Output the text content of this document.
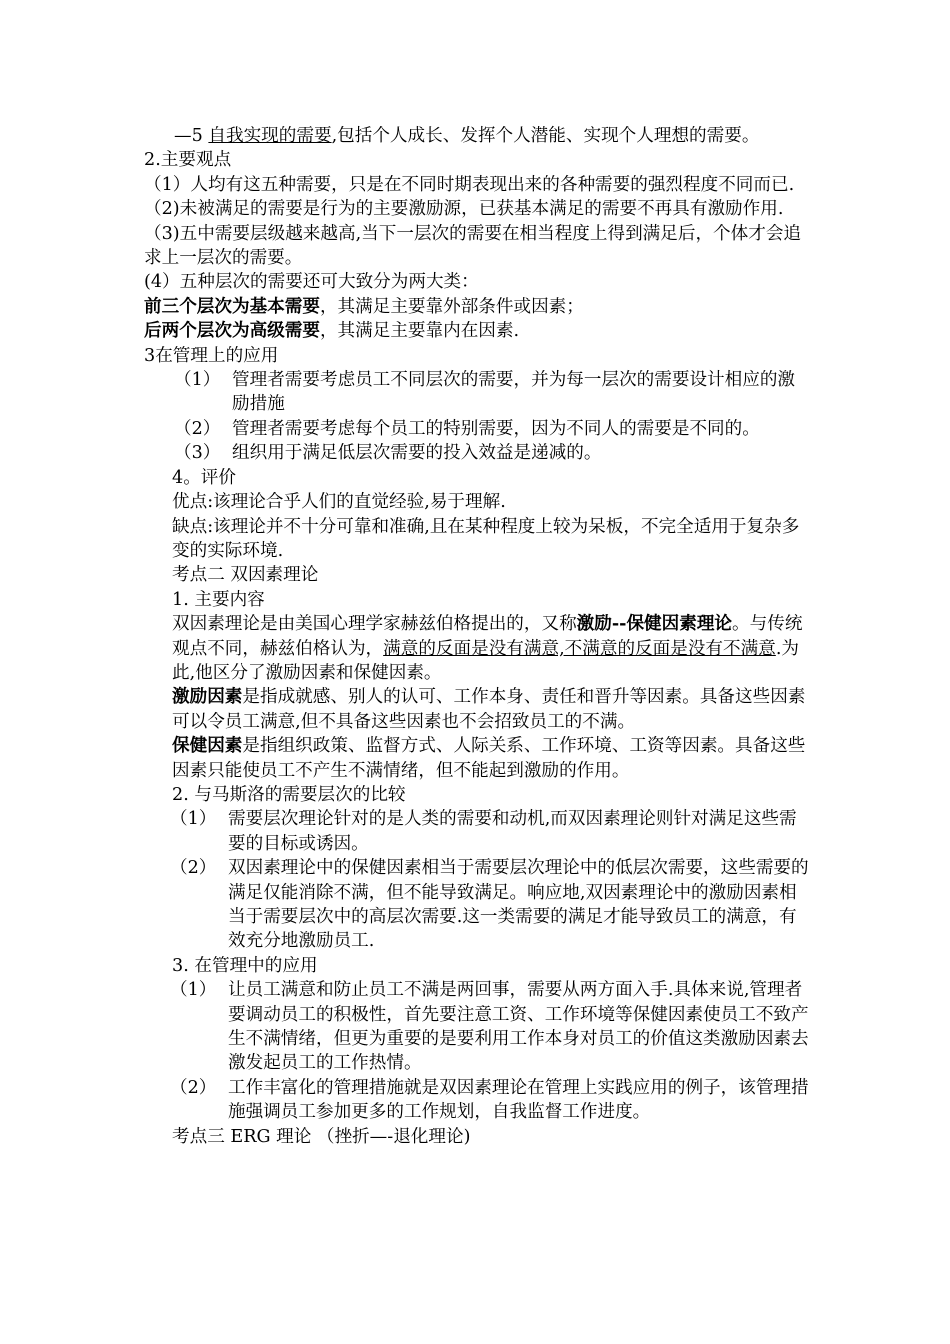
—5 自我实现的需要,包括个人成长、发挥个人潜能、实现个人理想的需要。

2.主要观点

（1）人均有这五种需要，只是在不同时期表现出来的各种需要的强烈程度不同而已.

（2)未被满足的需要是行为的主要激励源，已获基本满足的需要不再具有激励作用.

（3)五中需要层级越来越高,当下一层次的需要在相当程度上得到满足后，个体才会追求上一层次的需要。

(4）五种层次的需要还可大致分为两大类：

前三个层次为基本需要，其满足主要靠外部条件或因素；

后两个层次为高级需要，其满足主要靠内在因素.

3在管理上的应用

（1） 管理者需要考虑员工不同层次的需要，并为每一层次的需要设计相应的激励措施
（2） 管理者需要考虑每个员工的特别需要，因为不同人的需要是不同的。
（3） 组织用于满足低层次需要的投入效益是递减的。

4。评价

优点:该理论合乎人们的直觉经验,易于理解.

缺点:该理论并不十分可靠和准确,且在某种程度上较为呆板，不完全适用于复杂多变的实际环境.

考点二 双因素理论

1. 主要内容

双因素理论是由美国心理学家赫兹伯格提出的，又称激励--保健因素理论。与传统观点不同，赫兹伯格认为，满意的反面是没有满意,不满意的反面是没有不满意.为此,他区分了激励因素和保健因素。

激励因素是指成就感、别人的认可、工作本身、责任和晋升等因素。具备这些因素可以令员工满意,但不具备这些因素也不会招致员工的不满。

保健因素是指组织政策、监督方式、人际关系、工作环境、工资等因素。具备这些因素只能使员工不产生不满情绪，但不能起到激励的作用。

2. 与马斯洛的需要层次的比较

（1） 需要层次理论针对的是人类的需要和动机,而双因素理论则针对满足这些需要的目标或诱因。
（2） 双因素理论中的保健因素相当于需要层次理论中的低层次需要，这些需要的满足仅能消除不满，但不能导致满足。响应地,双因素理论中的激励因素相当于需要层次中的高层次需要.这一类需要的满足才能导致员工的满意，有效充分地激励员工.

3. 在管理中的应用

（1） 让员工满意和防止员工不满是两回事，需要从两方面入手.具体来说,管理者要调动员工的积极性，首先要注意工资、工作环境等保健因素使员工不致产生不满情绪，但更为重要的是要利用工作本身对员工的价值这类激励因素去激发起员工的工作热情。
（2） 工作丰富化的管理措施就是双因素理论在管理上实践应用的例子，该管理措施强调员工参加更多的工作规划，自我监督工作进度。

考点三 ERG 理论 （挫折—-退化理论)
